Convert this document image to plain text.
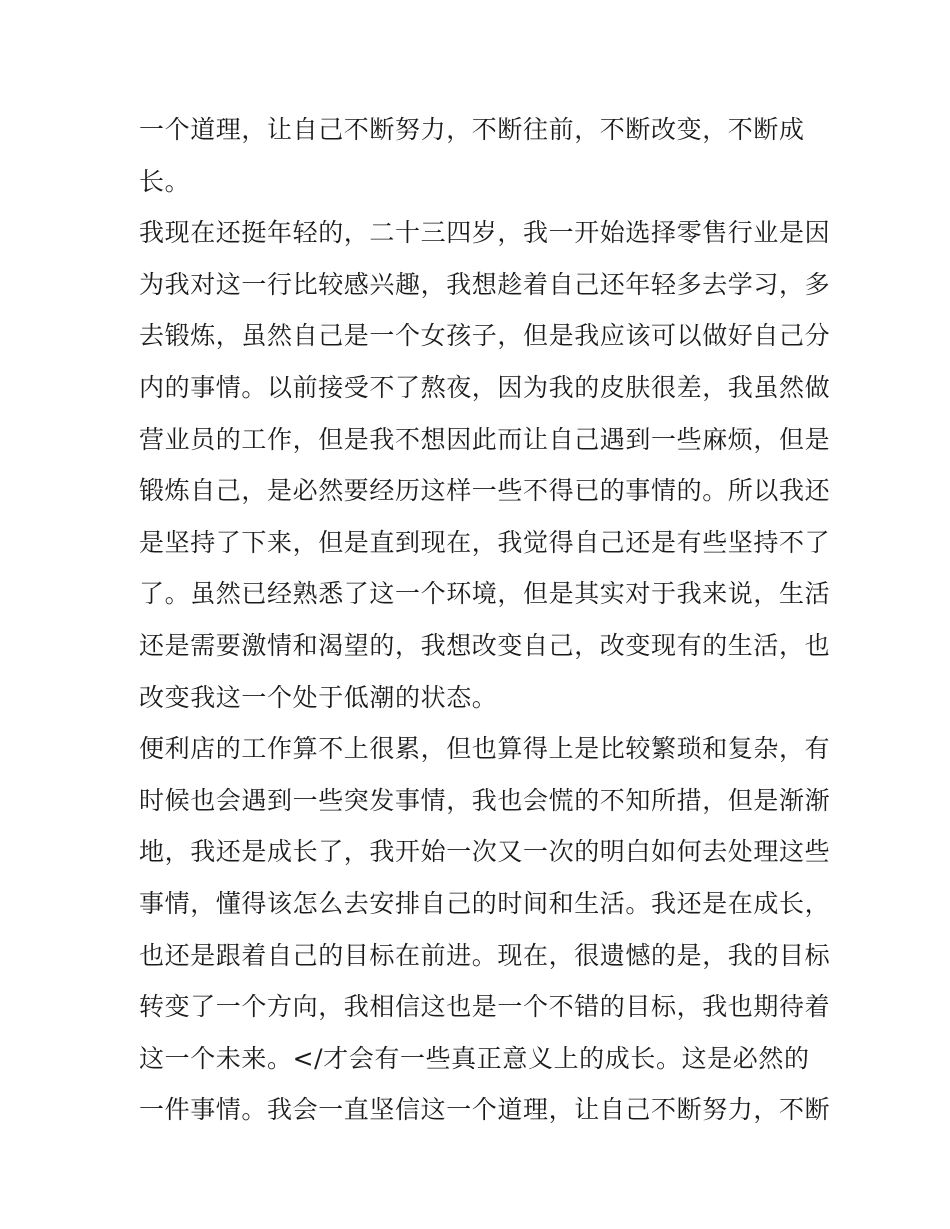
一个道理，让自己不断努力，不断往前，不断改变，不断成
长。
我现在还挺年轻的，二十三四岁，我一开始选择零售行业是因
为我对这一行比较感兴趣，我想趁着自己还年轻多去学习，多
去锻炼，虽然自己是一个女孩子，但是我应该可以做好自己分
内的事情。以前接受不了熬夜，因为我的皮肤很差，我虽然做
营业员的工作，但是我不想因此而让自己遇到一些麻烦，但是
锻炼自己，是必然要经历这样一些不得已的事情的。所以我还
是坚持了下来，但是直到现在，我觉得自己还是有些坚持不了
了。虽然已经熟悉了这一个环境，但是其实对于我来说，生活
还是需要激情和渴望的，我想改变自己，改变现有的生活，也
改变我这一个处于低潮的状态。
便利店的工作算不上很累，但也算得上是比较繁琐和复杂，有
时候也会遇到一些突发事情，我也会慌的不知所措，但是渐渐
地，我还是成长了，我开始一次又一次的明白如何去处理这些
事情，懂得该怎么去安排自己的时间和生活。我还是在成长，
也还是跟着自己的目标在前进。现在，很遗憾的是，我的目标
转变了一个方向，我相信这也是一个不错的目标，我也期待着
这一个未来。</才会有一些真正意义上的成长。这是必然的
一件事情。我会一直坚信这一个道理，让自己不断努力，不断
